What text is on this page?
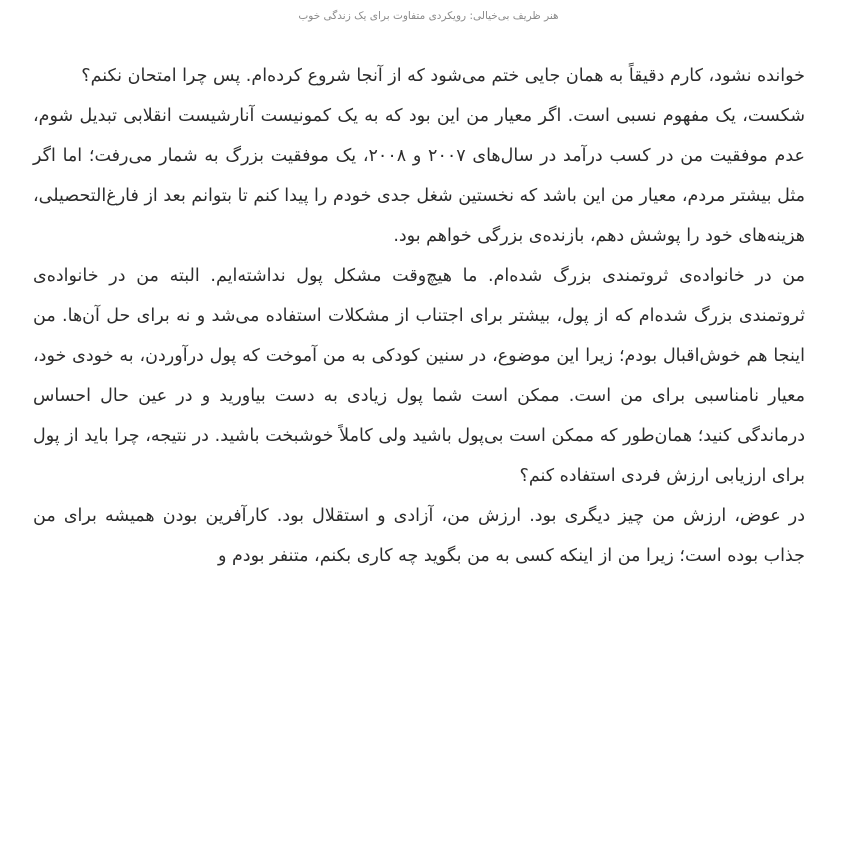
هنر ظریف بی‌خیالی: رویکردی متفاوت برای یک زندگی خوب

خوانده نشود، کارم دقیقاً به همان جایی ختم می‌شود که از آنجا شروع کرده‌ام. پس چرا امتحان نکنم؟

شکست، یک مفهوم نسبی است. اگر معیار من این بود که به یک کمونیست آنارشیست انقلابی تبدیل شوم، عدم موفقیت من در کسب درآمد در سال‌های ۲۰۰۷ و ۲۰۰۸، یک موفقیت بزرگ به شمار می‌رفت؛ اما اگر مثل بیشتر مردم، معیار من این باشد که نخستین شغل جدی خودم را پیدا کنم تا بتوانم بعد از فارغ‌التحصیلی، هزینه‌های خود را پوشش دهم، بازنده‌ی بزرگی خواهم بود.

من در خانواده‌ی ثروتمندی بزرگ شده‌ام. ما هیچ‌وقت مشکل پول نداشته‌ایم. البته من در خانواده‌ی ثروتمندی بزرگ شده‌ام که از پول، بیشتر برای اجتناب از مشکلات استفاده می‌شد و نه برای حل آن‌ها. من اینجا هم خوش‌اقبال بودم؛ زیرا این موضوع، در سنین کودکی به من آموخت که پول درآوردن، به خودی خود، معیار نامناسبی برای من است. ممکن است شما پول زیادی به دست بیاورید و در عین حال احساس درماندگی کنید؛ همان‌طور که ممکن است بی‌پول باشید ولی کاملاً خوشبخت باشید. در نتیجه، چرا باید از پول برای ارزیابی ارزش فردی استفاده کنم؟

در عوض، ارزش من چیز دیگری بود. ارزش من، آزادی و استقلال بود. کارآفرین بودن همیشه برای من جذاب بوده است؛ زیرا من از اینکه کسی به من بگوید چه کاری بکنم، متنفر بودم و
